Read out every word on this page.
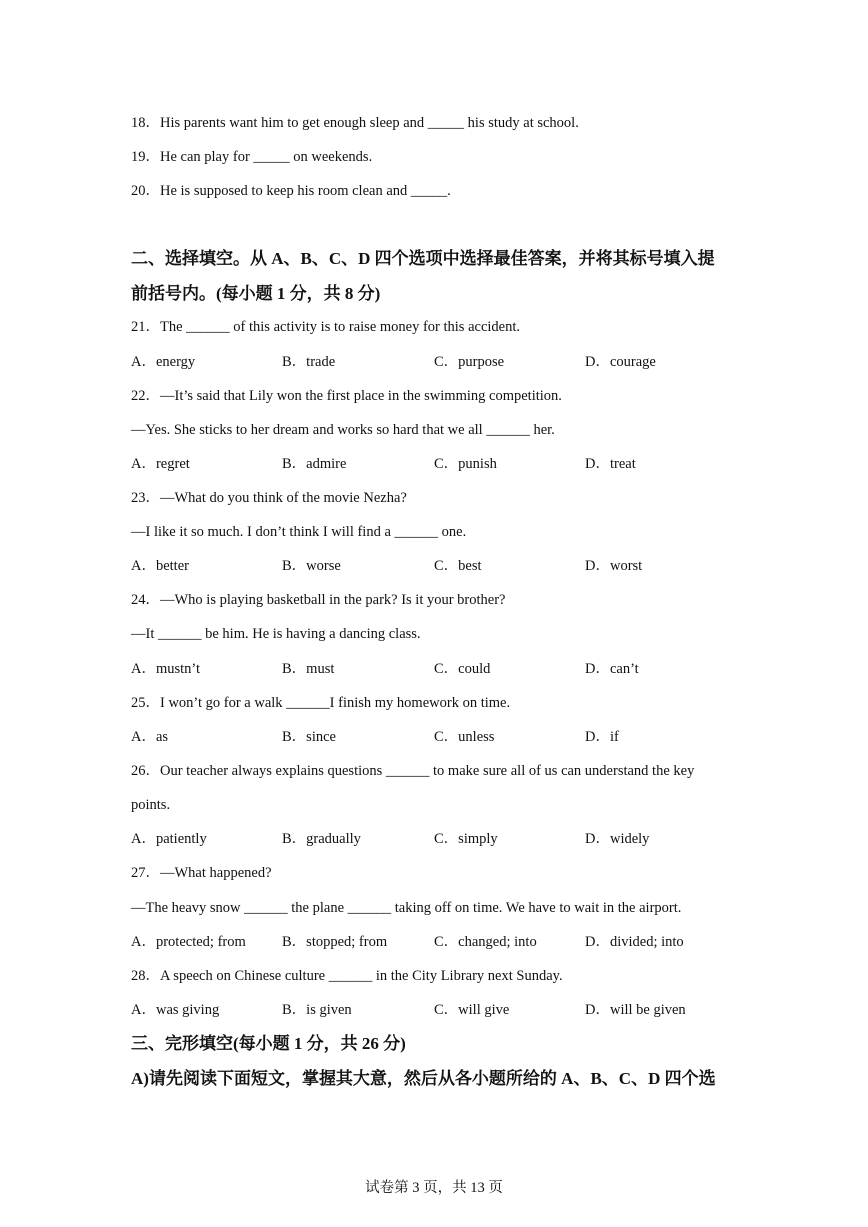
18．His parents want him to get enough sleep and _____ his study at school.
19．He can play for _____ on weekends.
20．He is supposed to keep his room clean and _____.
二、选择填空。从 A、B、C、D 四个选项中选择最佳答案，并将其标号填入提
前括号内。(每小题 1 分，共 8 分)
21．The ______ of this activity is to raise money for this accident.
A．energy	B．trade	C．purpose	D．courage
22．—It’s said that Lily won the first place in the swimming competition.
—Yes. She sticks to her dream and works so hard that we all ______ her.
A．regret	B．admire	C．punish	D．treat
23．—What do you think of the movie Nezha?
—I like it so much. I don’t think I will find a ______ one.
A．better	B．worse	C．best	D．worst
24．—Who is playing basketball in the park? Is it your brother?
—It ______ be him. He is having a dancing class.
A．mustn’t	B．must	C．could	D．can’t
25．I won’t go for a walk ______I finish my homework on time.
A．as	B．since	C．unless	D．if
26．Our teacher always explains questions ______ to make sure all of us can understand the key
points.
A．patiently	B．gradually	C．simply	D．widely
27．—What happened?
—The heavy snow ______ the plane ______ taking off on time. We have to wait in the airport.
A．protected; from B．stopped; from	C．changed; into	D．divided; into
28．A speech on Chinese culture ______ in the City Library next Sunday.
A．was giving	B．is given	C．will give	D．will be given
三、完形填空(每小题 1 分，共 26 分)
A)请先阅读下面短文，掌握其大意，然后从各小题所给的 A、B、C、D 四个选
试卷第 3 页，共 13 页
